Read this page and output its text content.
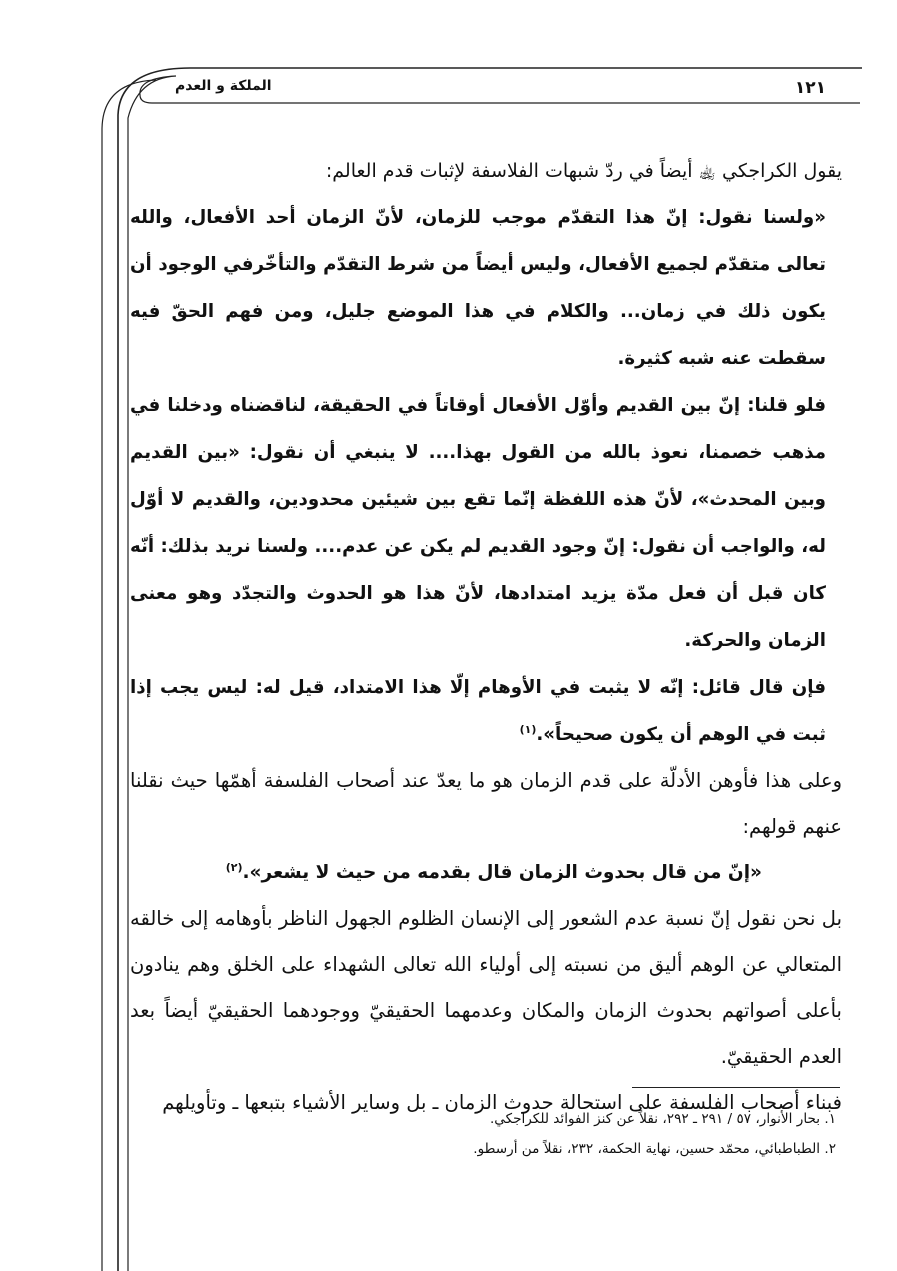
١٢١
الملكة و العدم

يقول الكراجكي ﵀ أيضاً في ردّ شبهات الفلاسفة لإثبات قدم العالم:

«ولسنا نقول: إنّ هذا التقدّم موجب للزمان، لأنّ الزمان أحد الأفعال، والله تعالى متقدّم لجميع الأفعال، وليس أيضاً من شرط التقدّم والتأخّرفي الوجود أن يكون ذلك في زمان... والكلام في هذا الموضع جليل، ومن فهم الحقّ فيه سقطت عنه شبه كثيرة.

فلو قلنا: إنّ بين القديم وأوّل الأفعال أوقاتاً في الحقيقة، لناقضناه ودخلنا في مذهب خصمنا، نعوذ بالله من القول بهذا.... لا ينبغي أن نقول: «بين القديم وبين المحدث»، لأنّ هذه اللفظة إنّما تقع بين شيئين محدودين، والقديم لا أوّل له، والواجب أن نقول: إنّ وجود القديم لم يكن عن عدم.... ولسنا نريد بذلك: أنّه كان قبل أن فعل مدّة يزيد امتدادها، لأنّ هذا هو الحدوث والتجدّد وهو معنى الزمان والحركة.

فإن قال قائل: إنّه لا يثبت في الأوهام إلّا هذا الامتداد، قيل له: ليس يجب إذا ثبت في الوهم أن يكون صحيحاً».$^{(١)}$

وعلى هذا فأوهن الأدلّة على قدم الزمان هو ما يعدّ عند أصحاب الفلسفة أهمّها حيث نقلنا عنهم قولهم:

«إنّ من قال بحدوث الزمان قال بقدمه من حيث لا يشعر».$^{(٢)}$

بل نحن نقول إنّ نسبة عدم الشعور إلى الإنسان الظلوم الجهول الناظر بأوهامه إلى خالقه المتعالي عن الوهم أليق من نسبته إلى أولياء الله تعالى الشهداء على الخلق وهم ينادون بأعلى أصواتهم بحدوث الزمان والمكان وعدمهما الحقيقيّ ووجودهما الحقيقيّ أيضاً بعد العدم الحقيقيّ.

فبناء أصحاب الفلسفة على استحالة حدوث الزمان ـ بل وساير الأشياء بتبعها ـ وتأويلهم

١. بحار الأنوار، ٥٧ / ٢٩١ ـ ٢٩٢، نقلاً عن كنز الفوائد للكراجكي.

٢. الطباطبائي، محمّد حسين، نهاية الحكمة، ٢٣٢، نقلاً من أرسطو.
